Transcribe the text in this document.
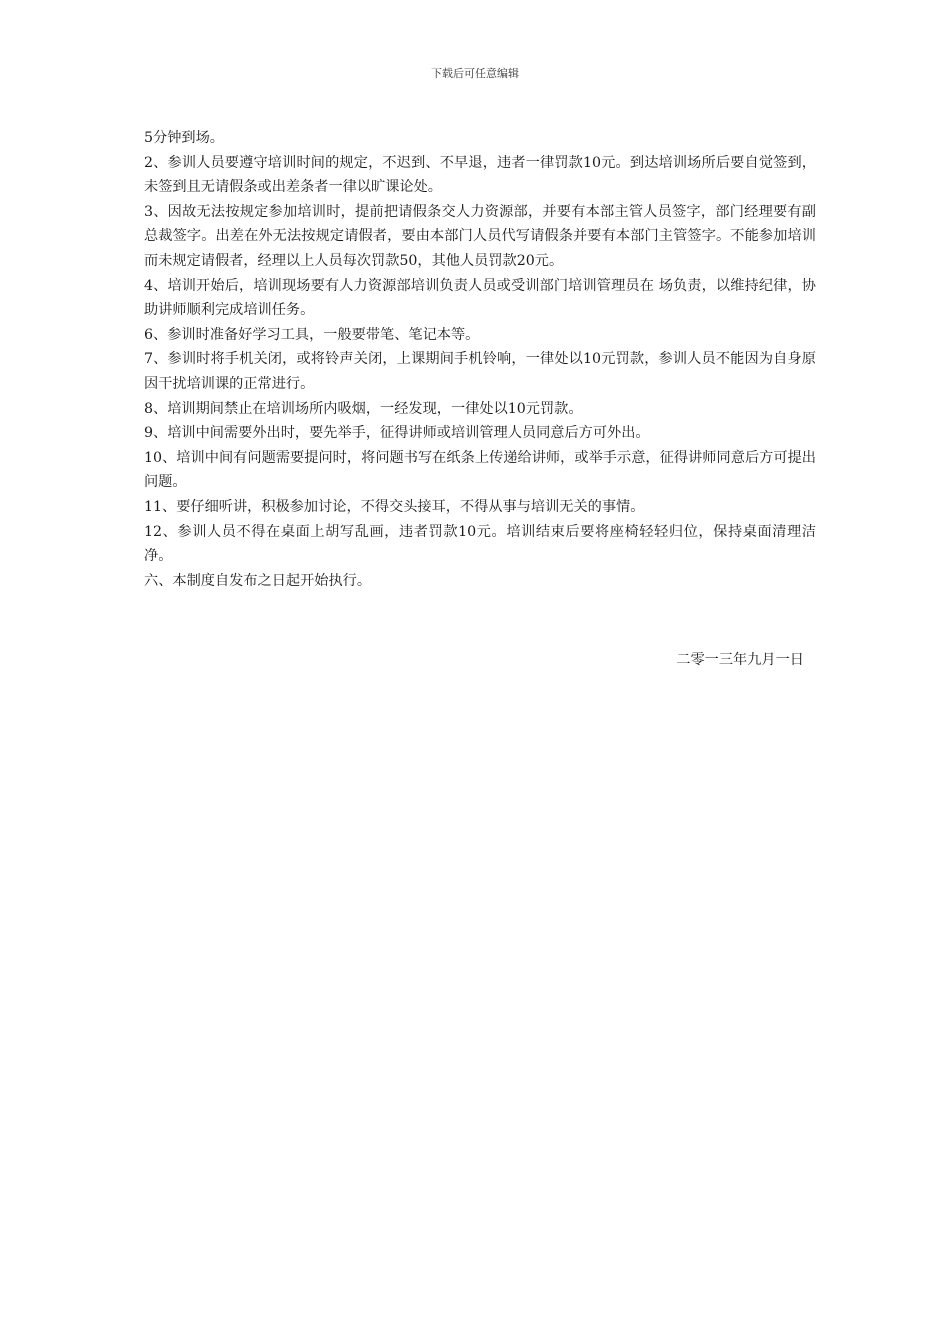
下载后可任意编辑

5分钟到场。

2、参训人员要遵守培训时间的规定，不迟到、不早退，违者一律罚款10元。到达培训场所后要自觉签到，未签到且无请假条或出差条者一律以旷课论处。

3、因故无法按规定参加培训时，提前把请假条交人力资源部，并要有本部主管人员签字，部门经理要有副总裁签字。出差在外无法按规定请假者，要由本部门人员代写请假条并要有本部门主管签字。不能参加培训而未规定请假者，经理以上人员每次罚款50，其他人员罚款20元。

4、培训开始后，培训现场要有人力资源部培训负责人员或受训部门培训管理员在 场负责，以维持纪律，协助讲师顺利完成培训任务。

6、参训时准备好学习工具，一般要带笔、笔记本等。

7、参训时将手机关闭，或将铃声关闭，上课期间手机铃响，一律处以10元罚款，参训人员不能因为自身原因干扰培训课的正常进行。

8、培训期间禁止在培训场所内吸烟，一经发现，一律处以10元罚款。

9、培训中间需要外出时，要先举手，征得讲师或培训管理人员同意后方可外出。

10、培训中间有问题需要提问时，将问题书写在纸条上传递给讲师，或举手示意，征得讲师同意后方可提出问题。

11、要仔细听讲，积极参加讨论，不得交头接耳，不得从事与培训无关的事情。

12、参训人员不得在桌面上胡写乱画，违者罚款10元。培训结束后要将座椅轻轻归位，保持桌面清理洁净。

六、本制度自发布之日起开始执行。

二零一三年九月一日
